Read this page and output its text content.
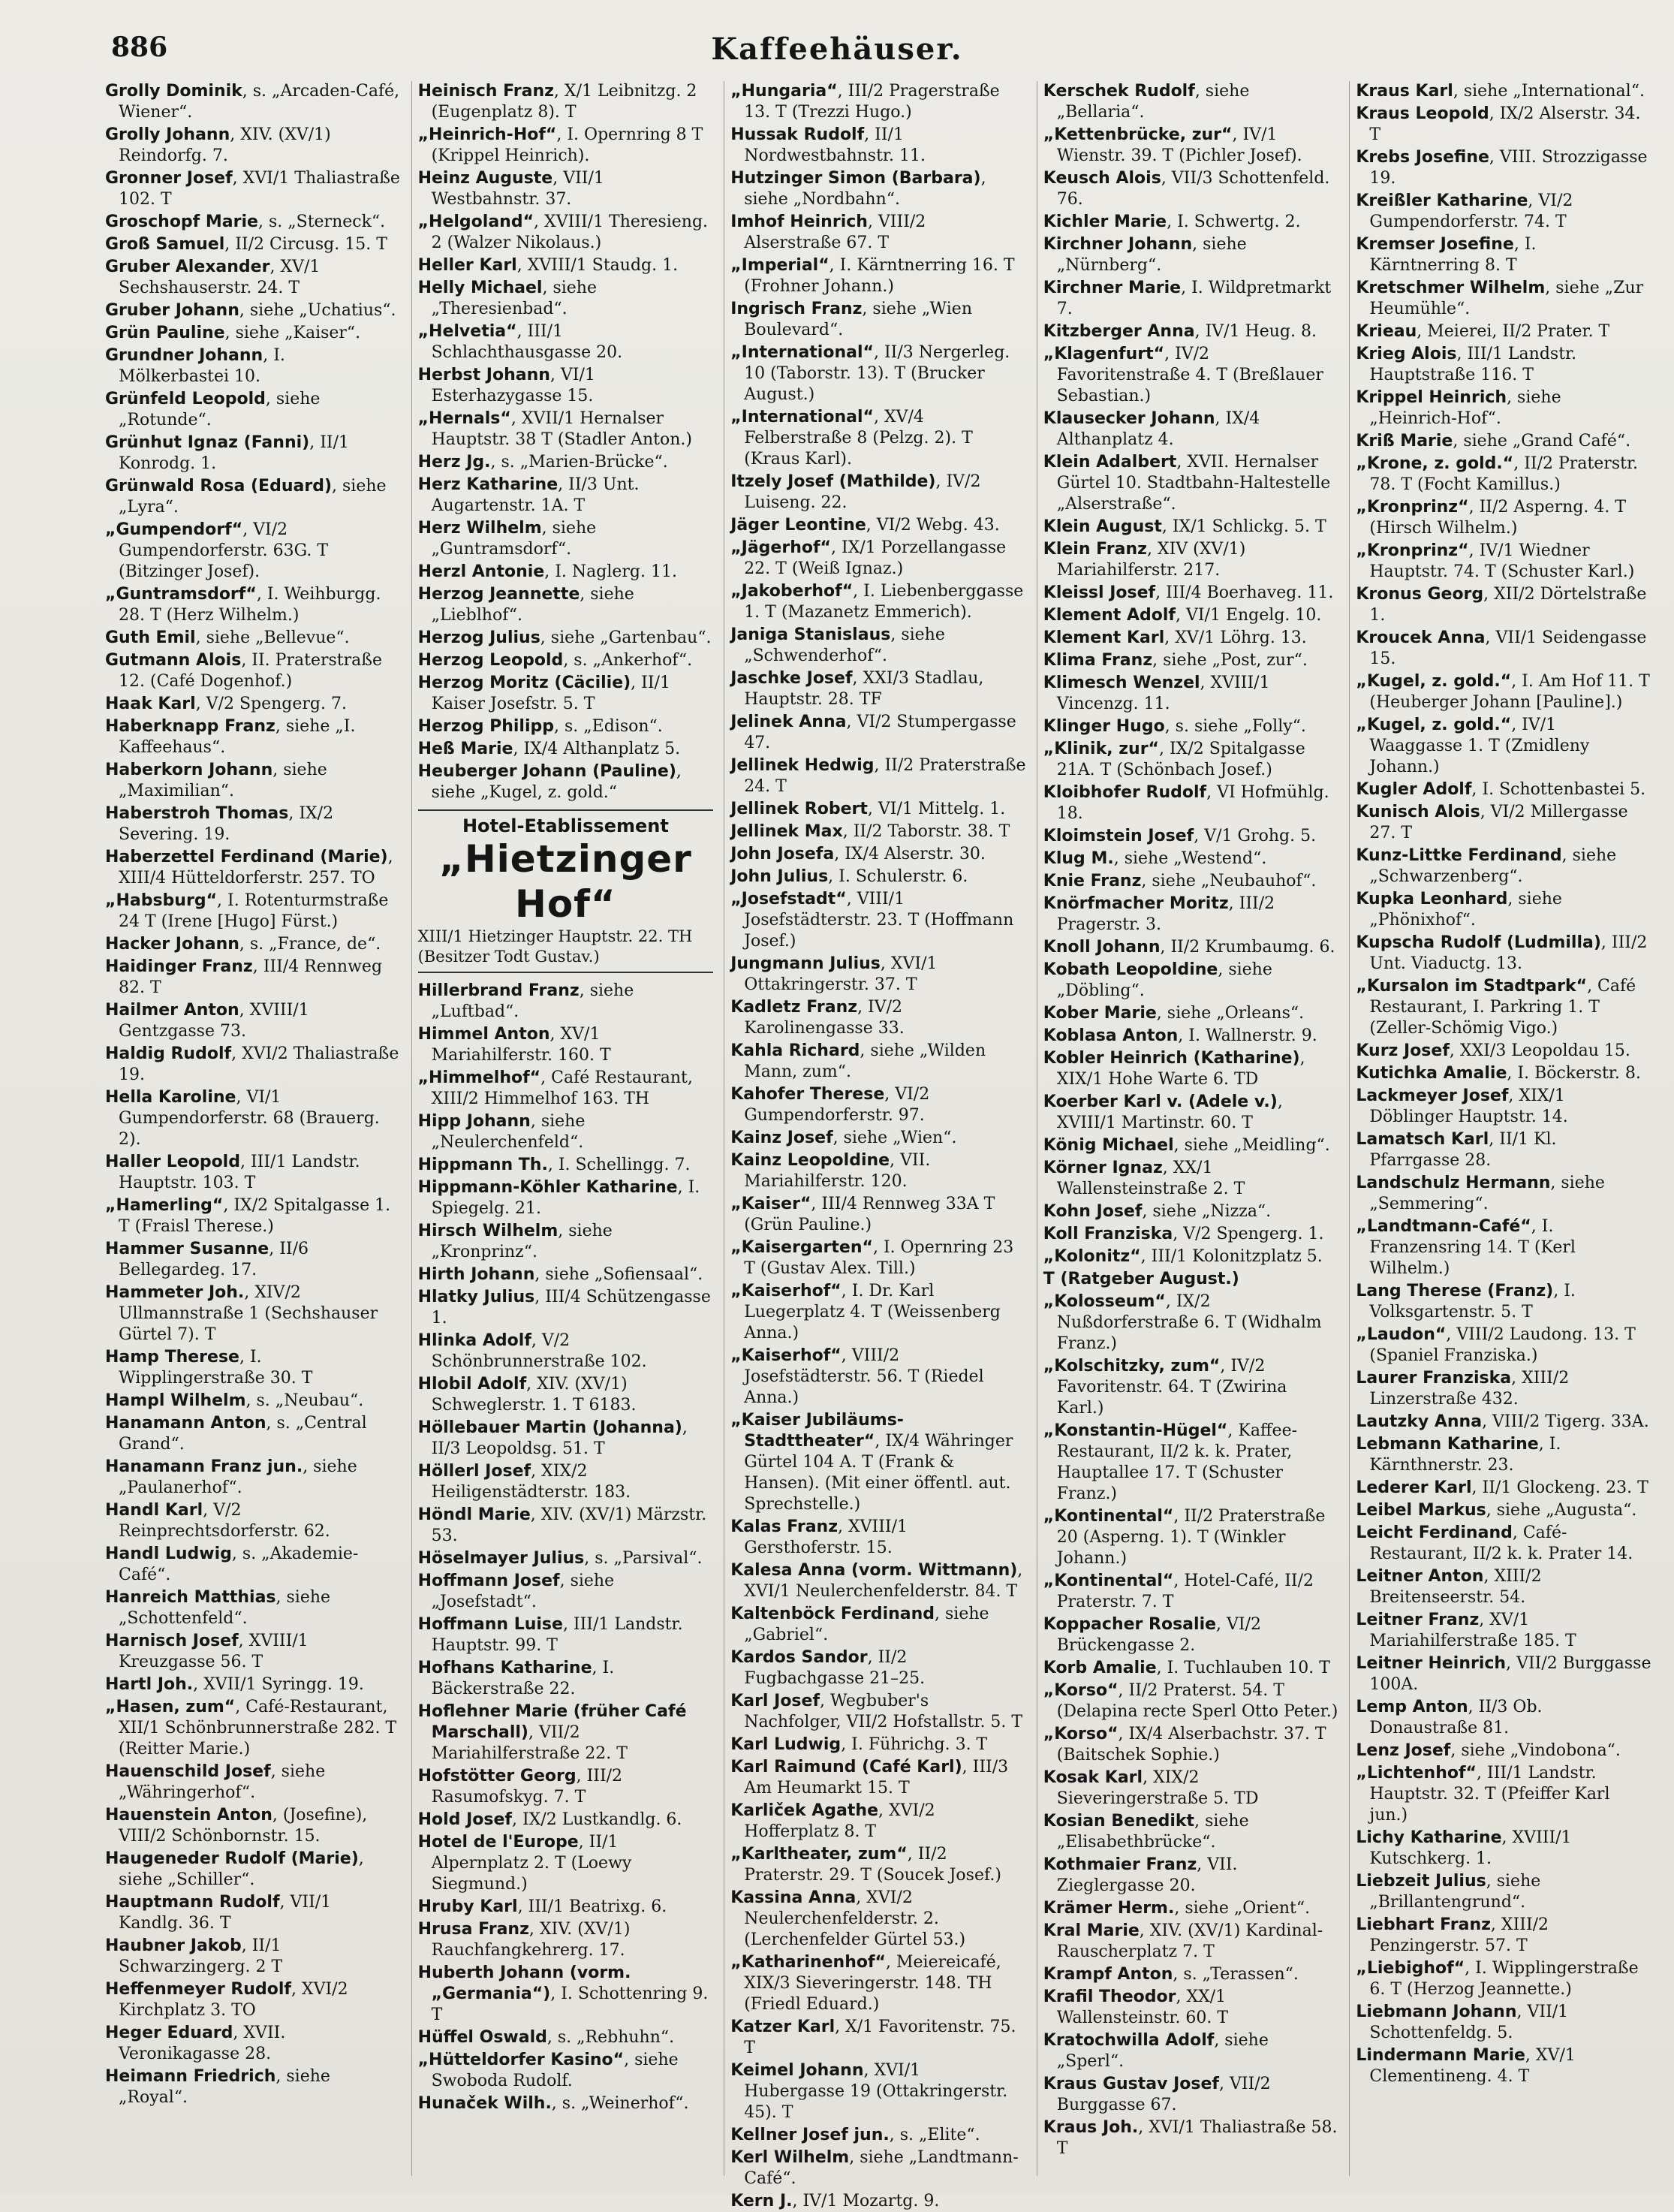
886	Kaffeehäuser.

Grolly Dominik, s. „Arcaden-Café, Wiener“.

Grolly Johann, XIV. (XV/1) Reindorfg. 7.

Gronner Josef, XVI/1 Thaliastraße 102. T

Groschopf Marie, s. „Sterneck“.

Groß Samuel, II/2 Circusg. 15. T

Gruber Alexander, XV/1 Sechshauserstr. 24. T

Gruber Johann, siehe „Uchatius“.

Grün Pauline, siehe „Kaiser“.

Grundner Johann, I. Mölkerbastei 10.

Grünfeld Leopold, siehe „Rotunde“.

Grünhut Ignaz (Fanni), II/1 Konrodg. 1.

Grünwald Rosa (Eduard), siehe „Lyra“.

„Gumpendorf“, VI/2 Gumpendorferstr. 63G. T (Bitzinger Josef).

„Guntramsdorf“, I. Weihburgg. 28. T (Herz Wilhelm.)

Guth Emil, siehe „Bellevue“.

Gutmann Alois, II. Praterstraße 12. (Café Dogenhof.)

Haak Karl, V/2 Spengerg. 7.

Haberknapp Franz, siehe „I. Kaffeehaus“.

Haberkorn Johann, siehe „Maximilian“.

Haberstroh Thomas, IX/2 Severing. 19.

Haberzettel Ferdinand (Marie), XIII/4 Hütteldorferstr. 257. TO

„Habsburg“, I. Rotenturmstraße 24 T (Irene [Hugo] Fürst.)

Hacker Johann, s. „France, de“.

Haidinger Franz, III/4 Rennweg 82. T

Hailmer Anton, XVIII/1 Gentzgasse 73.

Haldig Rudolf, XVI/2 Thaliastraße 19.

Hella Karoline, VI/1 Gumpendorferstr. 68 (Brauerg. 2).

Haller Leopold, III/1 Landstr. Hauptstr. 103. T

„Hamerling“, IX/2 Spitalgasse 1. T (Fraisl Therese.)

Hammer Susanne, II/6 Bellegardeg. 17.

Hammeter Joh., XIV/2 Ullmannstraße 1 (Sechshauser Gürtel 7). T

Hamp Therese, I. Wipplingerstraße 30. T

Hampl Wilhelm, s. „Neubau“.

Hanamann Anton, s. „Central Grand“.

Hanamann Franz jun., siehe „Paulanerhof“.

Handl Karl, V/2 Reinprechtsdorferstr. 62.

Handl Ludwig, s. „Akademie-Café“.

Hanreich Matthias, siehe „Schottenfeld“.

Harnisch Josef, XVIII/1 Kreuzgasse 56. T

Hartl Joh., XVII/1 Syringg. 19.

„Hasen, zum“, Café-Restaurant, XII/1 Schönbrunnerstraße 282. T (Reitter Marie.)

Hauenschild Josef, siehe „Währingerhof“.

Hauenstein Anton, (Josefine), VIII/2 Schönbornstr. 15.

Haugeneder Rudolf (Marie), siehe „Schiller“.

Hauptmann Rudolf, VII/1 Kandlg. 36. T

Haubner Jakob, II/1 Schwarzingerg. 2 T

Heffenmeyer Rudolf, XVI/2 Kirchplatz 3. TO

Heger Eduard, XVII. Veronikagasse 28.

Heimann Friedrich, siehe „Royal“.

Heinisch Franz, X/1 Leibnitzg. 2 (Eugenplatz 8). T

„Heinrich-Hof“, I. Opernring 8 T (Krippel Heinrich).

Heinz Auguste, VII/1 Westbahnstr. 37.

„Helgoland“, XVIII/1 Theresieng. 2 (Walzer Nikolaus.)

Heller Karl, XVIII/1 Staudg. 1.

Helly Michael, siehe „Theresienbad“.

„Helvetia“, III/1 Schlachthausgasse 20.

Herbst Johann, VI/1 Esterhazygasse 15.

„Hernals“, XVII/1 Hernalser Hauptstr. 38 T (Stadler Anton.)

Herz Jg., s. „Marien-Brücke“.

Herz Katharine, II/3 Unt. Augartenstr. 1A. T

Herz Wilhelm, siehe „Guntramsdorf“.

Herzl Antonie, I. Naglerg. 11.

Herzog Jeannette, siehe „Lieblhof“.

Herzog Julius, siehe „Gartenbau“.

Herzog Leopold, s. „Ankerhof“.

Herzog Moritz (Cäcilie), II/1 Kaiser Josefstr. 5. T

Herzog Philipp, s. „Edison“.

Heß Marie, IX/4 Althanplatz 5.

Heuberger Johann (Pauline), siehe „Kugel, z. gold.“

Hotel-Etablissement
„Hietzinger Hof“
XIII/1 Hietzinger Hauptstr. 22. TH (Besitzer Todt Gustav.)

Hillerbrand Franz, siehe „Luftbad“.

Himmel Anton, XV/1 Mariahilferstr. 160. T

„Himmelhof“, Café Restaurant, XIII/2 Himmelhof 163. TH

Hipp Johann, siehe „Neulerchenfeld“.

Hippmann Th., I. Schellingg. 7.

Hippmann-Köhler Katharine, I. Spiegelg. 21.

Hirsch Wilhelm, siehe „Kronprinz“.

Hirth Johann, siehe „Sofiensaal“.

Hlatky Julius, III/4 Schützengasse 1.

Hlinka Adolf, V/2 Schönbrunnerstraße 102.

Hlobil Adolf, XIV. (XV/1) Schweglerstr. 1. T 6183.

Höllebauer Martin (Johanna), II/3 Leopoldsg. 51. T

Höllerl Josef, XIX/2 Heiligenstädterstr. 183.

Höndl Marie, XIV. (XV/1) Märzstr. 53.

Höselmayer Julius, s. „Parsival“.

Hoffmann Josef, siehe „Josefstadt“.

Hoffmann Luise, III/1 Landstr. Hauptstr. 99. T

Hofhans Katharine, I. Bäckerstraße 22.

Hoflehner Marie (früher Café Marschall), VII/2 Mariahilferstraße 22. T

Hofstötter Georg, III/2 Rasumofskyg. 7. T

Hold Josef, IX/2 Lustkandlg. 6.

Hotel de l'Europe, II/1 Alpernplatz 2. T (Loewy Siegmund.)

Hruby Karl, III/1 Beatrixg. 6.

Hrusa Franz, XIV. (XV/1) Rauchfangkehrerg. 17.

Huberth Johann (vorm. „Germania“), I. Schottenring 9. T

Hüffel Oswald, s. „Rebhuhn“.

„Hütteldorfer Kasino“, siehe Swoboda Rudolf.

Hunaček Wilh., s. „Weinerhof“.

„Hungaria“, III/2 Pragerstraße 13. T (Trezzi Hugo.)

Hussak Rudolf, II/1 Nordwestbahnstr. 11.

Hutzinger Simon (Barbara), siehe „Nordbahn“.

Imhof Heinrich, VIII/2 Alserstraße 67. T

„Imperial“, I. Kärntnerring 16. T (Frohner Johann.)

Ingrisch Franz, siehe „Wien Boulevard“.

„International“, II/3 Nergerleg. 10 (Taborstr. 13). T (Brucker August.)

„International“, XV/4 Felberstraße 8 (Pelzg. 2). T (Kraus Karl).

Itzely Josef (Mathilde), IV/2 Luiseng. 22.

Jäger Leontine, VI/2 Webg. 43.

„Jägerhof“, IX/1 Porzellangasse 22. T (Weiß Ignaz.)

„Jakoberhof“, I. Liebenberggasse 1. T (Mazanetz Emmerich).

Janiga Stanislaus, siehe „Schwenderhof“.

Jaschke Josef, XXI/3 Stadlau, Hauptstr. 28. TF

Jelinek Anna, VI/2 Stumpergasse 47.

Jellinek Hedwig, II/2 Praterstraße 24. T

Jellinek Robert, VI/1 Mittelg. 1.

Jellinek Max, II/2 Taborstr. 38. T

John Josefa, IX/4 Alserstr. 30.

John Julius, I. Schulerstr. 6.

„Josefstadt“, VIII/1 Josefstädterstr. 23. T (Hoffmann Josef.)

Jungmann Julius, XVI/1 Ottakringerstr. 37. T

Kadletz Franz, IV/2 Karolinengasse 33.

Kahla Richard, siehe „Wilden Mann, zum“.

Kahofer Therese, VI/2 Gumpendorferstr. 97.

Kainz Josef, siehe „Wien“.

Kainz Leopoldine, VII. Mariahilferstr. 120.

„Kaiser“, III/4 Rennweg 33A T (Grün Pauline.)

„Kaisergarten“, I. Opernring 23 T (Gustav Alex. Till.)

„Kaiserhof“, I. Dr. Karl Luegerplatz 4. T (Weissenberg Anna.)

„Kaiserhof“, VIII/2 Josefstädterstr. 56. T (Riedel Anna.)

„Kaiser Jubiläums-Stadttheater“, IX/4 Währinger Gürtel 104 A. T (Frank & Hansen). (Mit einer öffentl. aut. Sprechstelle.)

Kalas Franz, XVIII/1 Gersthoferstr. 15.

Kalesa Anna (vorm. Wittmann), XVI/1 Neulerchenfelderstr. 84. T

Kaltenböck Ferdinand, siehe „Gabriel“.

Kardos Sandor, II/2 Fugbachgasse 21–25.

Karl Josef, Wegbuber's Nachfolger, VII/2 Hofstallstr. 5. T

Karl Ludwig, I. Führichg. 3. T

Karl Raimund (Café Karl), III/3 Am Heumarkt 15. T

Karliček Agathe, XVI/2 Hofferplatz 8. T

„Karltheater, zum“, II/2 Praterstr. 29. T (Soucek Josef.)

Kassina Anna, XVI/2 Neulerchenfelderstr. 2. (Lerchenfelder Gürtel 53.)

„Katharinenhof“, Meiereicafé, XIX/3 Sieveringerstr. 148. TH (Friedl Eduard.)

Katzer Karl, X/1 Favoritenstr. 75. T

Keimel Johann, XVI/1 Hubergasse 19 (Ottakringerstr. 45). T

Kellner Josef jun., s. „Elite“.

Kerl Wilhelm, siehe „Landtmann-Café“.

Kern J., IV/1 Mozartg. 9.

Kerschek Rudolf, siehe „Bellaria“.

„Kettenbrücke, zur“, IV/1 Wienstr. 39. T (Pichler Josef).

Keusch Alois, VII/3 Schottenfeld. 76.

Kichler Marie, I. Schwertg. 2.

Kirchner Johann, siehe „Nürnberg“.

Kirchner Marie, I. Wildpretmarkt 7.

Kitzberger Anna, IV/1 Heug. 8.

„Klagenfurt“, IV/2 Favoritenstraße 4. T (Breßlauer Sebastian.)

Klausecker Johann, IX/4 Althanplatz 4.

Klein Adalbert, XVII. Hernalser Gürtel 10. Stadtbahn-Haltestelle „Alserstraße“.

Klein August, IX/1 Schlickg. 5. T

Klein Franz, XIV (XV/1) Mariahilferstr. 217.

Kleissl Josef, III/4 Boerhaveg. 11.

Klement Adolf, VI/1 Engelg. 10.

Klement Karl, XV/1 Löhrg. 13.

Klima Franz, siehe „Post, zur“.

Klimesch Wenzel, XVIII/1 Vincenzg. 11.

Klinger Hugo, s. siehe „Folly“.

„Klinik, zur“, IX/2 Spitalgasse 21A. T (Schönbach Josef.)

Kloibhofer Rudolf, VI Hofmühlg. 18.

Kloimstein Josef, V/1 Grohg. 5.

Klug M., siehe „Westend“.

Knie Franz, siehe „Neubauhof“.

Knörfmacher Moritz, III/2 Pragerstr. 3.

Knoll Johann, II/2 Krumbaumg. 6.

Kobath Leopoldine, siehe „Döbling“.

Kober Marie, siehe „Orleans“.

Koblasa Anton, I. Wallnerstr. 9.

Kobler Heinrich (Katharine), XIX/1 Hohe Warte 6. TD

Koerber Karl v. (Adele v.), XVIII/1 Martinstr. 60. T

König Michael, siehe „Meidling“.

Körner Ignaz, XX/1 Wallensteinstraße 2. T

Kohn Josef, siehe „Nizza“.

Koll Franziska, V/2 Spengerg. 1.

„Kolonitz“, III/1 Kolonitzplatz 5.

T (Ratgeber August.)

„Kolosseum“, IX/2 Nußdorferstraße 6. T (Widhalm Franz.)

„Kolschitzky, zum“, IV/2 Favoritenstr. 64. T (Zwirina Karl.)

„Konstantin-Hügel“, Kaffee-Restaurant, II/2 k. k. Prater, Hauptallee 17. T (Schuster Franz.)

„Kontinental“, II/2 Praterstraße 20 (Asperng. 1). T (Winkler Johann.)

„Kontinental“, Hotel-Café, II/2 Praterstr. 7. T

Koppacher Rosalie, VI/2 Brückengasse 2.

Korb Amalie, I. Tuchlauben 10. T

„Korso“, II/2 Praterst. 54. T (Delapina recte Sperl Otto Peter.)

„Korso“, IX/4 Alserbachstr. 37. T (Baitschek Sophie.)

Kosak Karl, XIX/2 Sieveringerstraße 5. TD

Kosian Benedikt, siehe „Elisabethbrücke“.

Kothmaier Franz, VII. Zieglergasse 20.

Krämer Herm., siehe „Orient“.

Kral Marie, XIV. (XV/1) Kardinal-Rauscherplatz 7. T

Krampf Anton, s. „Terassen“.

Krafil Theodor, XX/1 Wallensteinstr. 60. T

Kratochwilla Adolf, siehe „Sperl“.

Kraus Gustav Josef, VII/2 Burggasse 67.

Kraus Joh., XVI/1 Thaliastraße 58. T

Kraus Karl, siehe „International“.

Kraus Leopold, IX/2 Alserstr. 34. T

Krebs Josefine, VIII. Strozzigasse 19.

Kreißler Katharine, VI/2 Gumpendorferstr. 74. T

Kremser Josefine, I. Kärntnerring 8. T

Kretschmer Wilhelm, siehe „Zur Heumühle“.

Krieau, Meierei, II/2 Prater. T

Krieg Alois, III/1 Landstr. Hauptstraße 116. T

Krippel Heinrich, siehe „Heinrich-Hof“.

Kriß Marie, siehe „Grand Café“.

„Krone, z. gold.“, II/2 Praterstr. 78. T (Focht Kamillus.)

„Kronprinz“, II/2 Asperng. 4. T (Hirsch Wilhelm.)

„Kronprinz“, IV/1 Wiedner Hauptstr. 74. T (Schuster Karl.)

Kronus Georg, XII/2 Dörtelstraße 1.

Kroucek Anna, VII/1 Seidengasse 15.

„Kugel, z. gold.“, I. Am Hof 11. T (Heuberger Johann [Pauline].)

„Kugel, z. gold.“, IV/1 Waaggasse 1. T (Zmidleny Johann.)

Kugler Adolf, I. Schottenbastei 5.

Kunisch Alois, VI/2 Millergasse 27. T

Kunz-Littke Ferdinand, siehe „Schwarzenberg“.

Kupka Leonhard, siehe „Phönixhof“.

Kupscha Rudolf (Ludmilla), III/2 Unt. Viaductg. 13.

„Kursalon im Stadtpark“, Café Restaurant, I. Parkring 1. T (Zeller-Schömig Vigo.)

Kurz Josef, XXI/3 Leopoldau 15.

Kutichka Amalie, I. Böckerstr. 8.

Lackmeyer Josef, XIX/1 Döblinger Hauptstr. 14.

Lamatsch Karl, II/1 Kl. Pfarrgasse 28.

Landschulz Hermann, siehe „Semmering“.

„Landtmann-Café“, I. Franzensring 14. T (Kerl Wilhelm.)

Lang Therese (Franz), I. Volksgartenstr. 5. T

„Laudon“, VIII/2 Laudong. 13. T (Spaniel Franziska.)

Laurer Franziska, XIII/2 Linzerstraße 432.

Lautzky Anna, VIII/2 Tigerg. 33A.

Lebmann Katharine, I. Kärnthnerstr. 23.

Lederer Karl, II/1 Glockeng. 23. T

Leibel Markus, siehe „Augusta“.

Leicht Ferdinand, Café-Restaurant, II/2 k. k. Prater 14.

Leitner Anton, XIII/2 Breitenseerstr. 54.

Leitner Franz, XV/1 Mariahilferstraße 185. T

Leitner Heinrich, VII/2 Burggasse 100A.

Lemp Anton, II/3 Ob. Donaustraße 81.

Lenz Josef, siehe „Vindobona“.

„Lichtenhof“, III/1 Landstr. Hauptstr. 32. T (Pfeiffer Karl jun.)

Lichy Katharine, XVIII/1 Kutschkerg. 1.

Liebzeit Julius, siehe „Brillantengrund“.

Liebhart Franz, XIII/2 Penzingerstr. 57. T

„Liebighof“, I. Wipplingerstraße 6. T (Herzog Jeannette.)

Liebmann Johann, VII/1 Schottenfeldg. 5.

Lindermann Marie, XV/1 Clementineng. 4. T
